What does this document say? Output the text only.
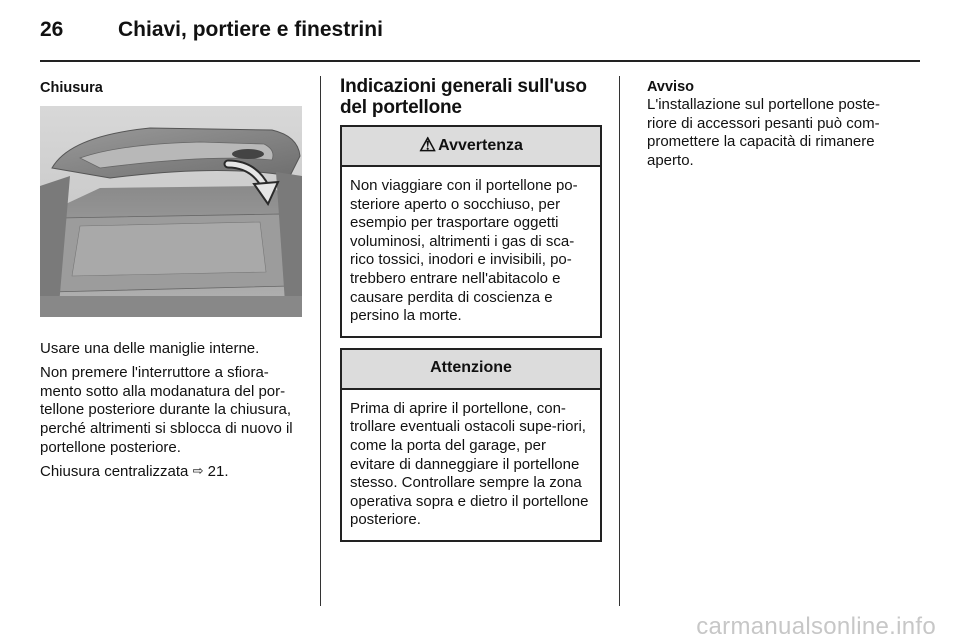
26	Chiavi, portiere e finestrini
Chiusura
Usare una delle maniglie interne.
Non premere l'interruttore a sfiora-mento sotto alla modanatura del por-tellone posteriore durante la chiusura, perché altrimenti si sblocca di nuovo il portellone posteriore.
Chiusura centralizzata ⇨ 21.
Indicazioni generali sull'uso del portellone
⚠ Avvertenza
Non viaggiare con il portellone po-steriore aperto o socchiuso, per esempio per trasportare oggetti voluminosi, altrimenti i gas di sca-rico tossici, inodori e invisibili, po-trebbero entrare nell'abitacolo e causare perdita di coscienza e persino la morte.
Attenzione
Prima di aprire il portellone, con-trollare eventuali ostacoli supe-riori, come la porta del garage, per evitare di danneggiare il portellone stesso. Controllare sempre la zona operativa sopra e dietro il portellone posteriore.
Avviso
L'installazione sul portellone poste-riore di accessori pesanti può com-promettere la capacità di rimanere aperto.
carmanualsonline.info
